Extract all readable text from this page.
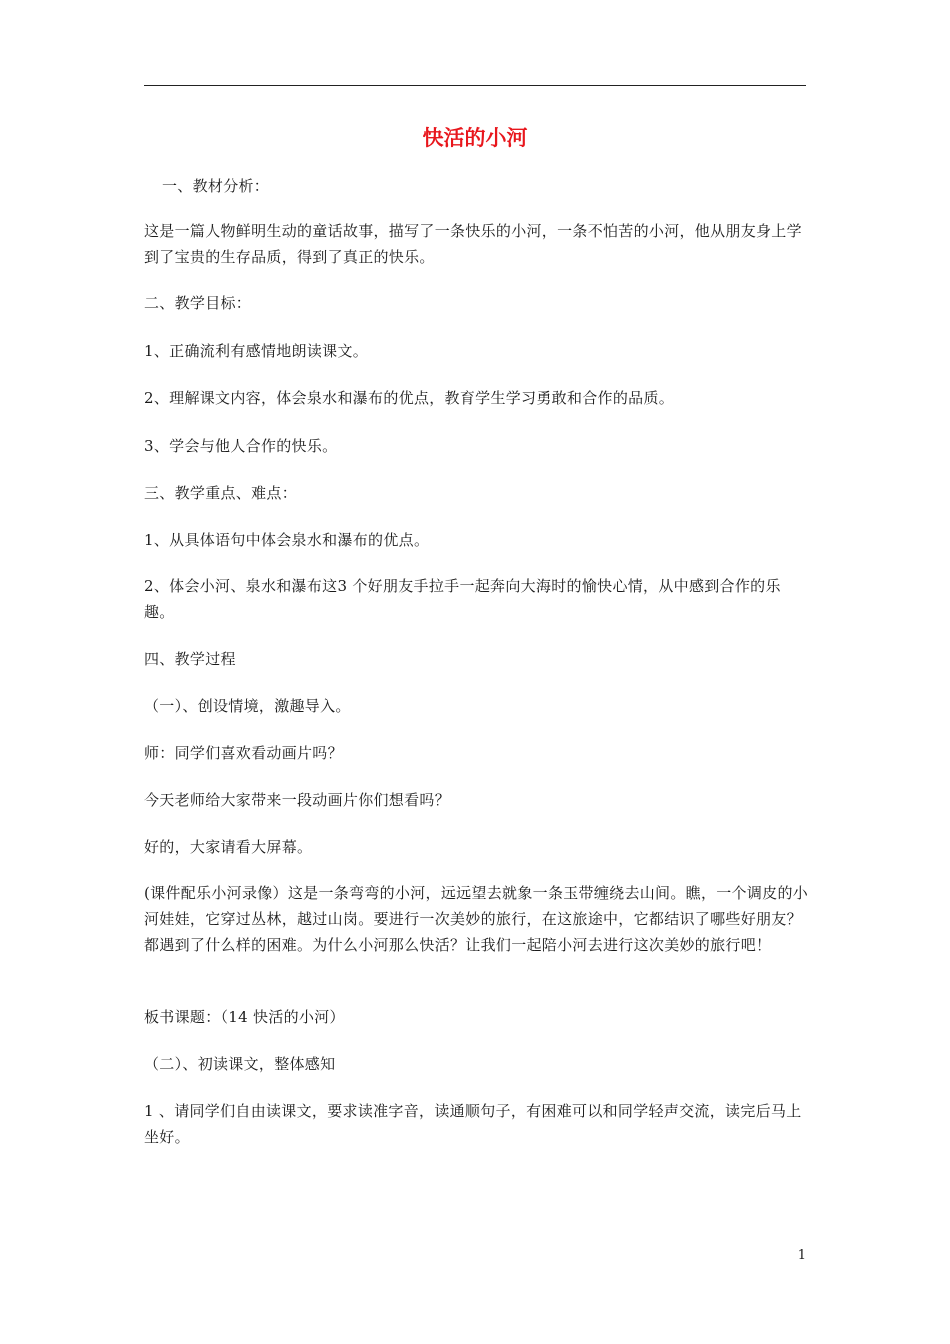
快活的小河
一、教材分析：
这是一篇人物鲜明生动的童话故事，描写了一条快乐的小河，一条不怕苦的小河，他从朋友身上学到了宝贵的生存品质，得到了真正的快乐。
二、教学目标：
1、正确流利有感情地朗读课文。
2、理解课文内容，体会泉水和瀑布的优点，教育学生学习勇敢和合作的品质。
3、学会与他人合作的快乐。
三、教学重点、难点：
1、从具体语句中体会泉水和瀑布的优点。
2、体会小河、泉水和瀑布这3 个好朋友手拉手一起奔向大海时的愉快心情，从中感到合作的乐趣。
四、教学过程
（一）、创设情境，激趣导入。
师：同学们喜欢看动画片吗？
今天老师给大家带来一段动画片你们想看吗？
好的，大家请看大屏幕。
(课件配乐小河录像）这是一条弯弯的小河，远远望去就象一条玉带缠绕去山间。瞧，一个调皮的小河娃娃，它穿过丛林，越过山岗。要进行一次美妙的旅行，在这旅途中，它都结识了哪些好朋友？都遇到了什么样的困难。为什么小河那么快活？让我们一起陪小河去进行这次美妙的旅行吧！
板书课题：（14 快活的小河）
（二）、初读课文，整体感知
1 、请同学们自由读课文，要求读准字音，读通顺句子，有困难可以和同学轻声交流，读完后马上坐好。
1
